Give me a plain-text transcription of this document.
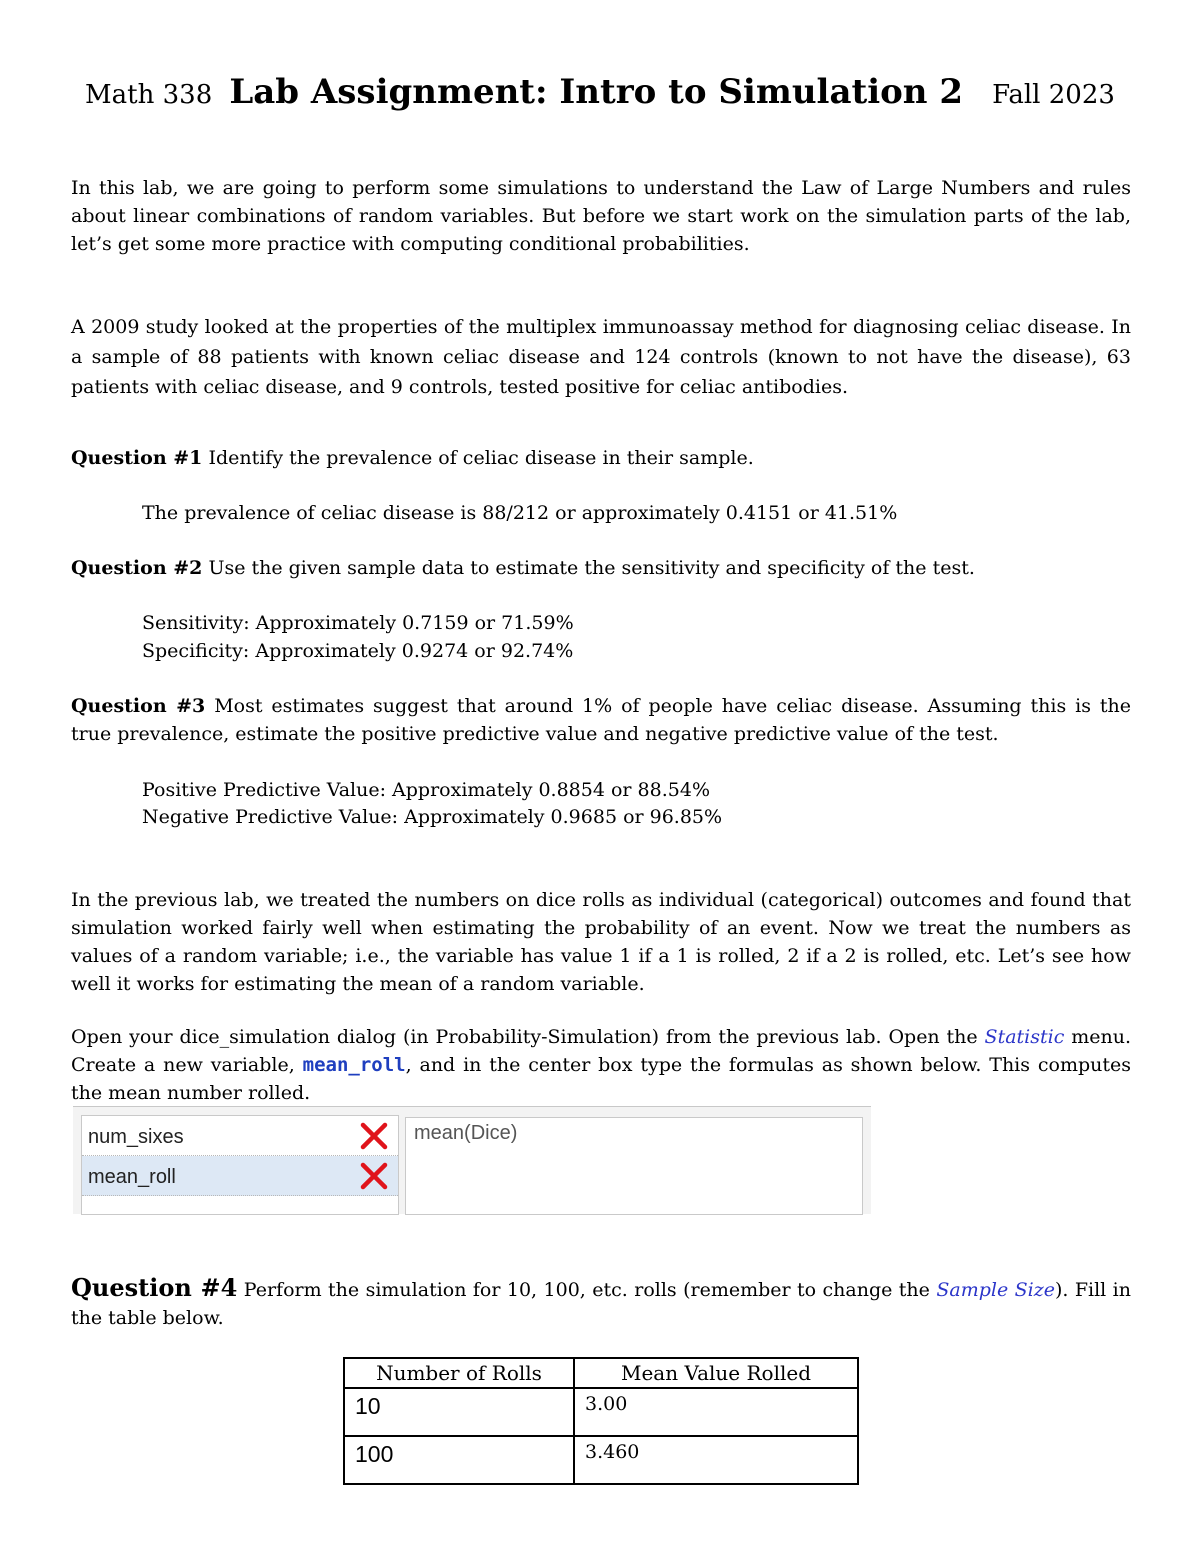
Math 338 Lab Assignment: Intro to Simulation 2 Fall 2023

In this lab, we are going to perform some simulations to understand the Law of Large Numbers and rules about linear combinations of random variables. But before we start work on the simulation parts of the lab, let’s get some more practice with computing conditional probabilities.

A 2009 study looked at the properties of the multiplex immunoassay method for diagnosing celiac disease. In a sample of 88 patients with known celiac disease and 124 controls (known to not have the disease), 63 patients with celiac disease, and 9 controls, tested positive for celiac antibodies.

Question #1 Identify the prevalence of celiac disease in their sample.

The prevalence of celiac disease is 88/212 or approximately 0.4151 or 41.51%

Question #2 Use the given sample data to estimate the sensitivity and specificity of the test.

Sensitivity: Approximately 0.7159 or 71.59%

Specificity: Approximately 0.9274 or 92.74%

Question #3 Most estimates suggest that around 1% of people have celiac disease. Assuming this is the true prevalence, estimate the positive predictive value and negative predictive value of the test.

Positive Predictive Value: Approximately 0.8854 or 88.54%

Negative Predictive Value: Approximately 0.9685 or 96.85%

In the previous lab, we treated the numbers on dice rolls as individual (categorical) outcomes and found that simulation worked fairly well when estimating the probability of an event. Now we treat the numbers as values of a random variable; i.e., the variable has value 1 if a 1 is rolled, 2 if a 2 is rolled, etc. Let’s see how well it works for estimating the mean of a random variable.

Open your dice_simulation dialog (in Probability-Simulation) from the previous lab. Open the Statistic menu. Create a new variable, mean_roll, and in the center box type the formulas as shown below. This computes the mean number rolled.

num_sixes
mean_roll
mean(Dice)

Question #4 Perform the simulation for 10, 100, etc. rolls (remember to change the Sample Size). Fill in the table below.

Number of Rolls	Mean Value Rolled
10	3.00
100	3.460
